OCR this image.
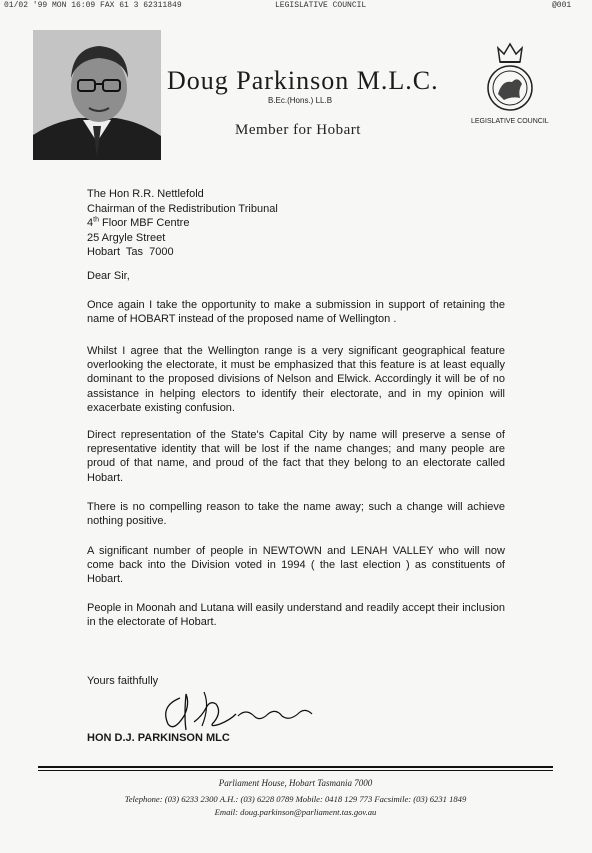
01/02 '99 MON 16:09 FAX 61 3 62311849	LEGISLATIVE COUNCIL	@001
Doug Parkinson M.L.C.
B.Ec.(Hons.) LL.B
Member for Hobart
LEGISLATIVE COUNCIL
The Hon R.R. Nettlefold
Chairman of the Redistribution Tribunal
4th Floor MBF Centre
25 Argyle Street
Hobart  Tas  7000
Dear Sir,
Once again I take the opportunity to make a submission in support of retaining the name of HOBART instead of the proposed name of Wellington .
Whilst I agree that the Wellington range is a very significant geographical feature overlooking the electorate, it must be emphasized that this feature is at least equally dominant to the proposed divisions of Nelson and Elwick. Accordingly it will be of no assistance in helping electors to identify their electorate, and in my opinion will exacerbate existing confusion.
Direct representation of the State's Capital City by name will preserve a sense of representative identity that will be lost if the name changes; and many people are proud of that name, and proud of the fact that they belong to an electorate called Hobart.
There is no compelling reason to take the name away; such a change will achieve nothing positive.
A significant number of people in NEWTOWN and LENAH VALLEY who will now come back into the Division voted in 1994 ( the last election ) as constituents of Hobart.
People in Moonah and Lutana will easily understand and readily accept their inclusion in the electorate of Hobart.
Yours faithfully
HON D.J. PARKINSON MLC
Parliament House, Hobart Tasmania 7000
Telephone: (03) 6233 2300 A.H.: (03) 6228 0789 Mobile: 0418 129 773 Facsimile: (03) 6231 1849
Email: doug.parkinson@parliament.tas.gov.au
